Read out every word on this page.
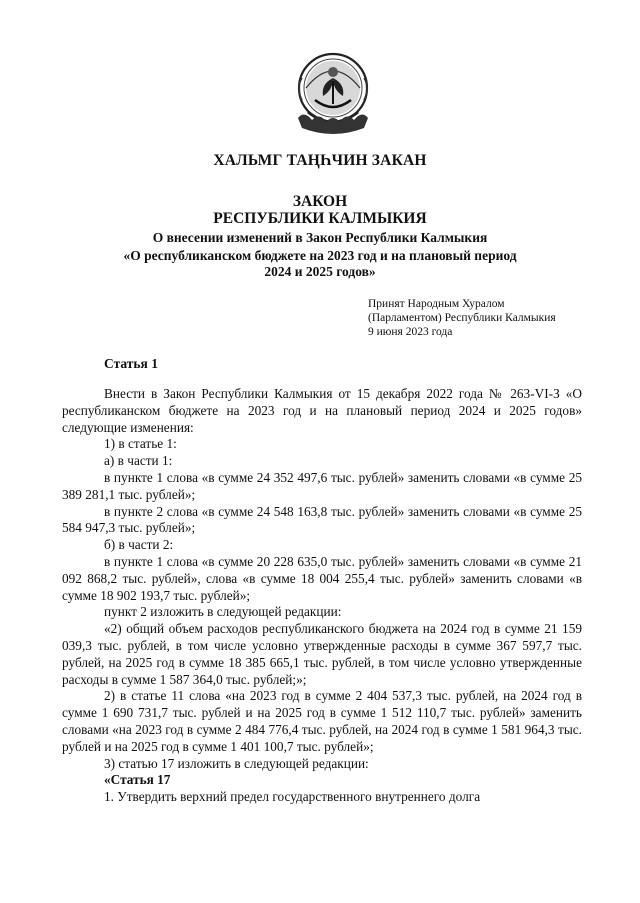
ХАЛЬМГ ТАҢҺЧИН ЗАКАН
ЗАКОН
РЕСПУБЛИКИ КАЛМЫКИЯ
О внесении изменений в Закон Республики Калмыкия
«О республиканском бюджете на 2023 год и на плановый период
2024 и 2025 годов»
Принят Народным Хуралом
(Парламентом) Республики Калмыкия
9 июня 2023 года
Статья 1

Внести в Закон Республики Калмыкия от 15 декабря 2022 года № 263-VI-З «О республиканском бюджете на 2023 год и на плановый период 2024 и 2025 годов» следующие изменения:

1) в статье 1:

а) в части 1:

в пункте 1 слова «в сумме 24 352 497,6 тыс. рублей» заменить словами «в сумме 25 389 281,1 тыс. рублей»;

в пункте 2 слова «в сумме 24 548 163,8 тыс. рублей» заменить словами «в сумме 25 584 947,3 тыс. рублей»;

б) в части 2:

в пункте 1 слова «в сумме 20 228 635,0 тыс. рублей» заменить словами «в сумме 21 092 868,2 тыс. рублей», слова «в сумме 18 004 255,4 тыс. рублей» заменить словами «в сумме 18 902 193,7 тыс. рублей»;

пункт 2 изложить в следующей редакции:

«2) общий объем расходов республиканского бюджета на 2024 год в сумме 21 159 039,3 тыс. рублей, в том числе условно утвержденные расходы в сумме 367 597,7 тыс. рублей, на 2025 год в сумме 18 385 665,1 тыс. рублей, в том числе условно утвержденные расходы в сумме 1 587 364,0 тыс. рублей;»;

2) в статье 11 слова «на 2023 год в сумме 2 404 537,3 тыс. рублей, на 2024 год в сумме 1 690 731,7 тыс. рублей и на 2025 год в сумме 1 512 110,7 тыс. рублей» заменить словами «на 2023 год в сумме 2 484 776,4 тыс. рублей, на 2024 год в сумме 1 581 964,3 тыс. рублей и на 2025 год в сумме 1 401 100,7 тыс. рублей»;

3) статью 17 изложить в следующей редакции:

«Статья 17

1. Утвердить верхний предел государственного внутреннего долга
